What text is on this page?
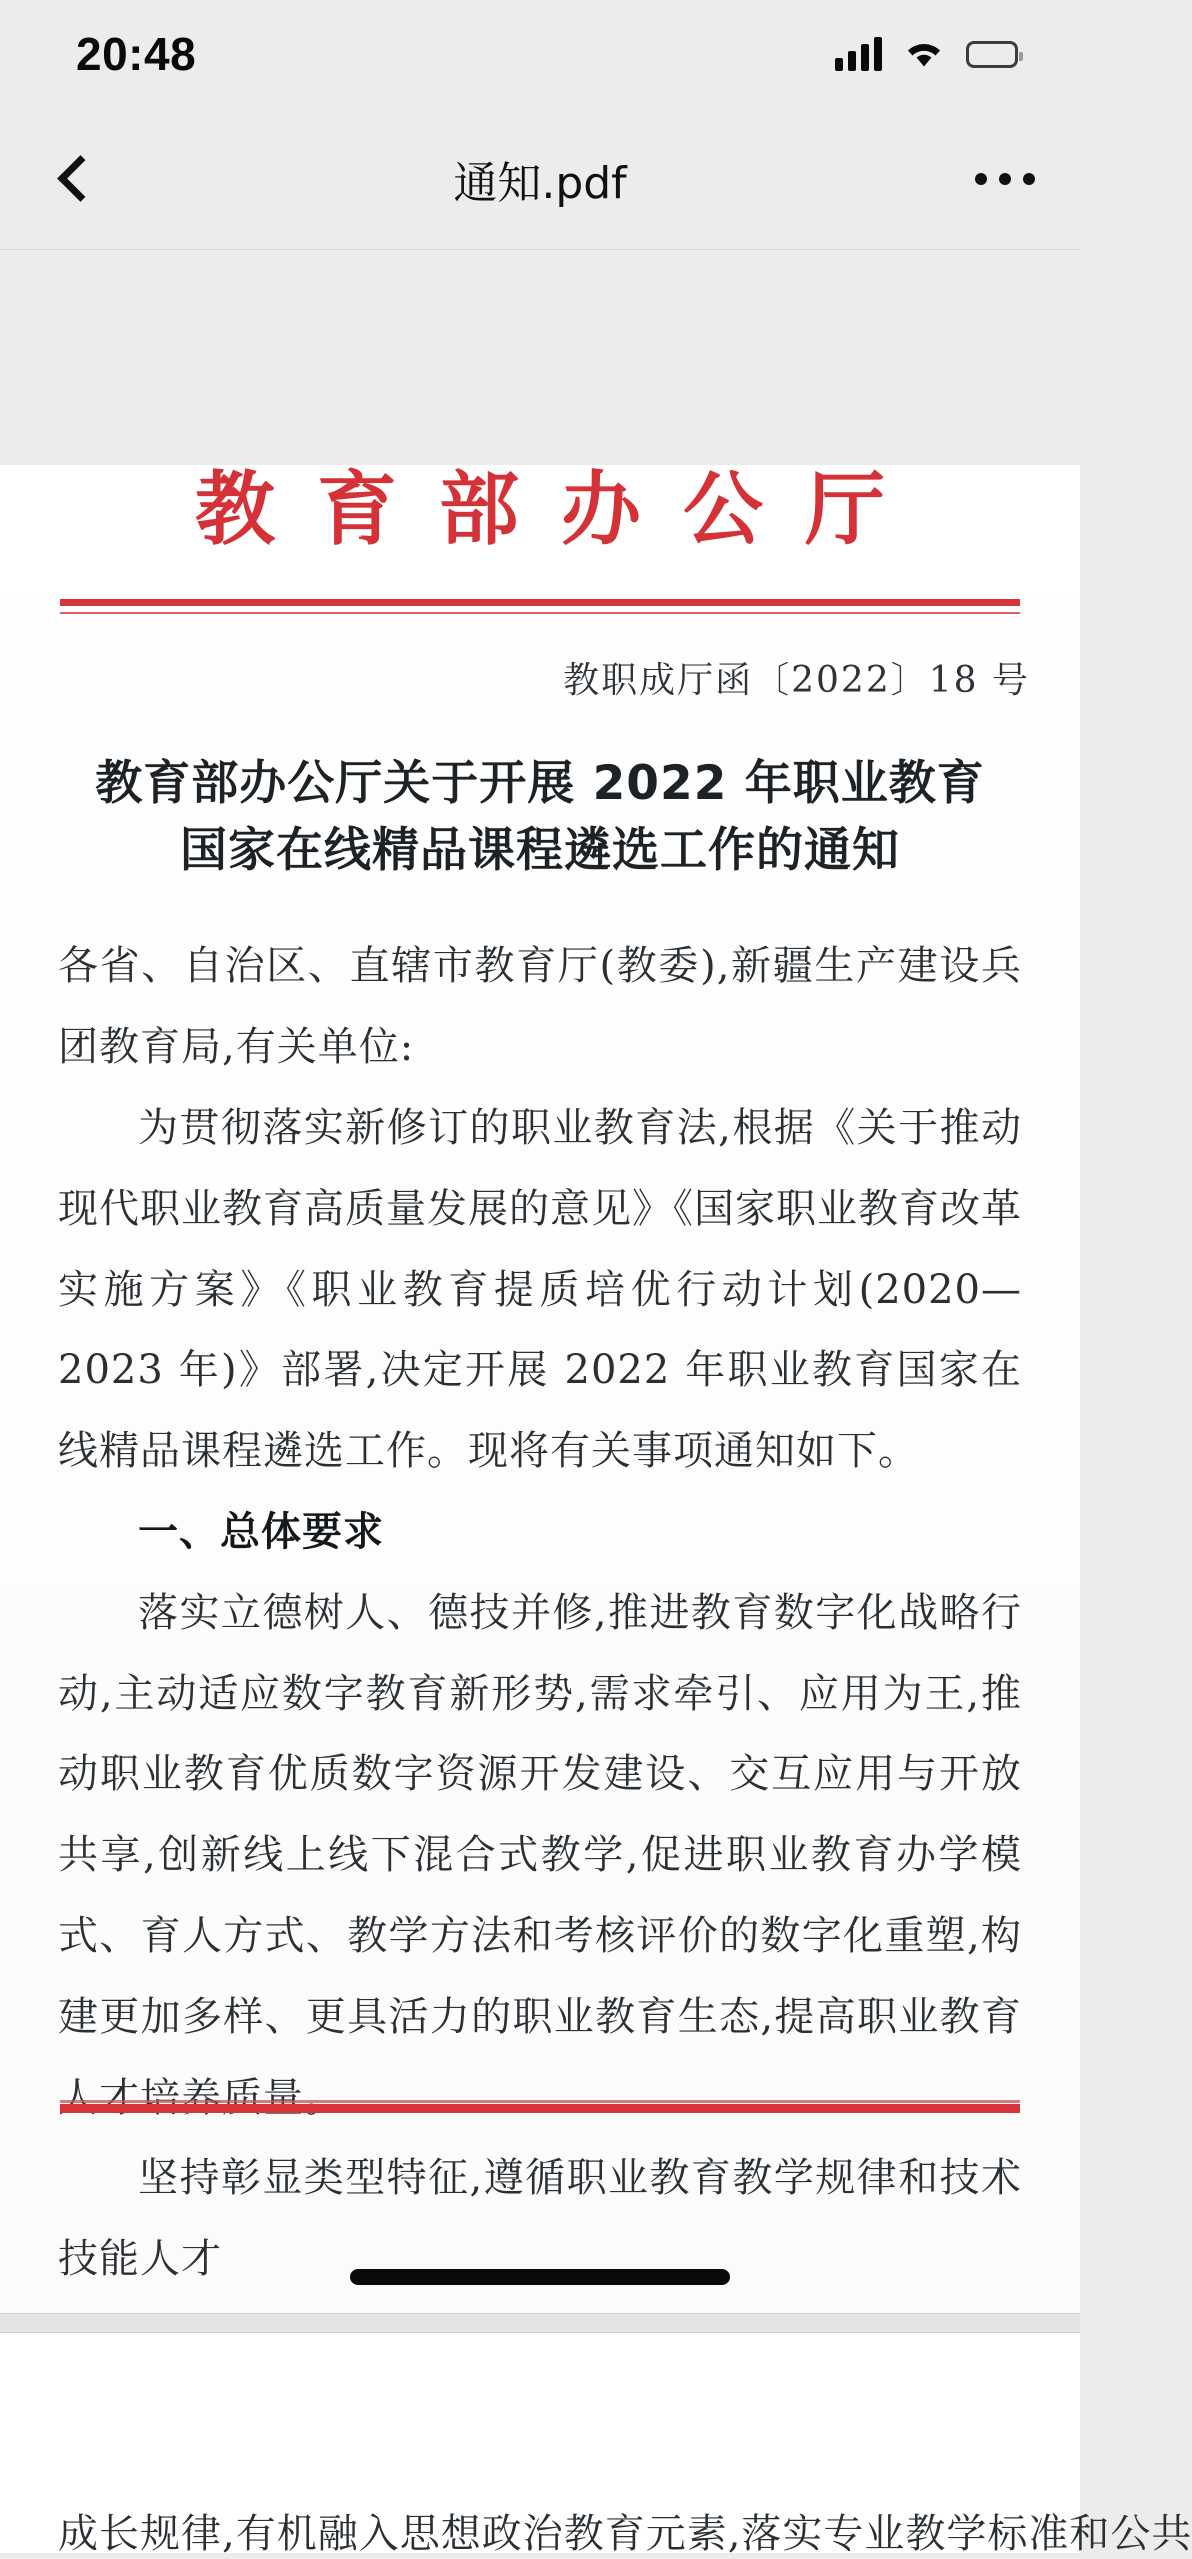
20:48
通知.pdf
教育部办公厅
教职成厅函〔2022〕18 号
教育部办公厅关于开展 2022 年职业教育
国家在线精品课程遴选工作的通知

各省、自治区、直辖市教育厅(教委),新疆生产建设兵团教育局,有关单位:

为贯彻落实新修订的职业教育法,根据《关于推动现代职业教育高质量发展的意见》《国家职业教育改革实施方案》《职业教育提质培优行动计划(2020—2023 年)》部署,决定开展 2022 年职业教育国家在线精品课程遴选工作。现将有关事项通知如下。

一、总体要求

落实立德树人、德技并修,推进教育数字化战略行动,主动适应数字教育新形势,需求牵引、应用为王,推动职业教育优质数字资源开发建设、交互应用与开放共享,创新线上线下混合式教学,促进职业教育办学模式、育人方式、教学方法和考核评价的数字化重塑,构建更加多样、更具活力的职业教育生态,提高职业教育人才培养质量。

坚持彰显类型特征,遵循职业教育教学规律和技术技能人才

成长规律,有机融入思想政治教育元素,落实专业教学标准和公共
